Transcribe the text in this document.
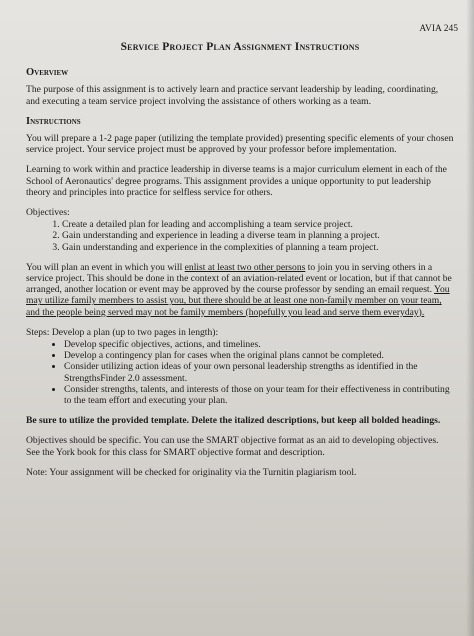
AVIA 245
Service Project Plan Assignment Instructions
Overview

The purpose of this assignment is to actively learn and practice servant leadership by leading, coordinating, and executing a team service project involving the assistance of others working as a team.

Instructions

You will prepare a 1-2 page paper (utilizing the template provided) presenting specific elements of your chosen service project. Your service project must be approved by your professor before implementation.

Learning to work within and practice leadership in diverse teams is a major curriculum element in each of the School of Aeronautics' degree programs. This assignment provides a unique opportunity to put leadership theory and principles into practice for selfless service for others.

Objectives:
1. Create a detailed plan for leading and accomplishing a team service project.
2. Gain understanding and experience in leading a diverse team in planning a project.
3. Gain understanding and experience in the complexities of planning a team project.

You will plan an event in which you will enlist at least two other persons to join you in serving others in a service project. This should be done in the context of an aviation-related event or location, but if that cannot be arranged, another location or event may be approved by the course professor by sending an email request. You may utilize family members to assist you, but there should be at least one non-family member on your team, and the people being served may not be family members (hopefully you lead and serve them everyday).

Steps: Develop a plan (up to two pages in length):
• Develop specific objectives, actions, and timelines.
• Develop a contingency plan for cases when the original plans cannot be completed.
• Consider utilizing action ideas of your own personal leadership strengths as identified in the StrengthsFinder 2.0 assessment.
• Consider strengths, talents, and interests of those on your team for their effectiveness in contributing to the team effort and executing your plan.

Be sure to utilize the provided template. Delete the italized descriptions, but keep all bolded headings.

Objectives should be specific. You can use the SMART objective format as an aid to developing objectives. See the York book for this class for SMART objective format and description.

Note: Your assignment will be checked for originality via the Turnitin plagiarism tool.
